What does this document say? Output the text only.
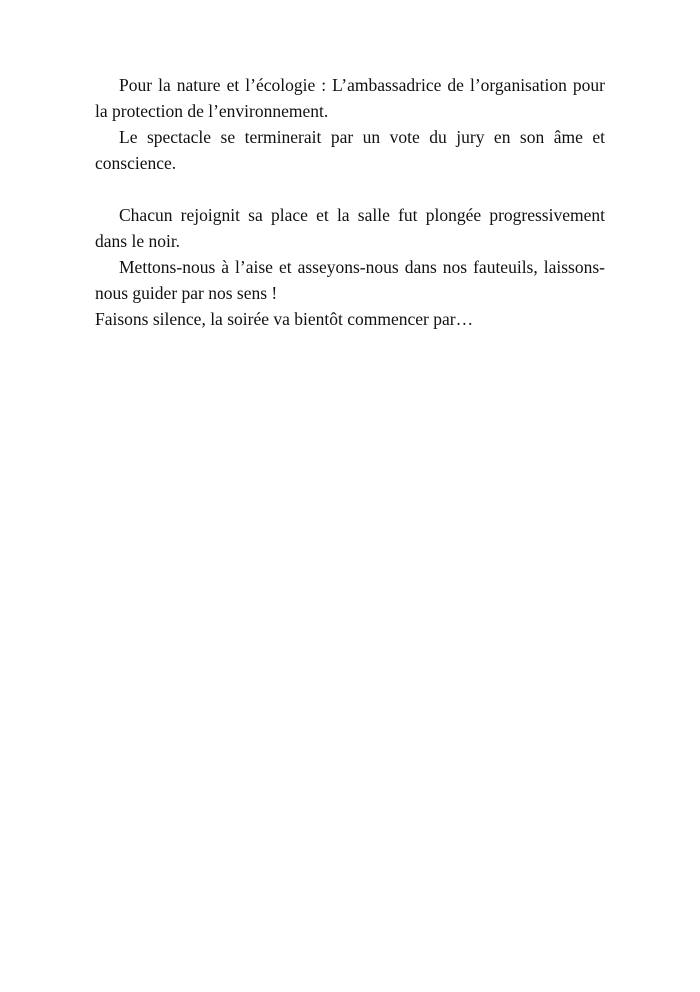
Pour la nature et l’écologie : L’ambassadrice de l’organisation pour la protection de l’environnement.

Le spectacle se terminerait par un vote du jury en son âme et conscience.

Chacun rejoignit sa place et la salle fut plongée progressivement dans le noir.

Mettons-nous à l’aise et asseyons-nous dans nos fauteuils, laissons-nous guider par nos sens !

Faisons silence, la soirée va bientôt commencer par…
